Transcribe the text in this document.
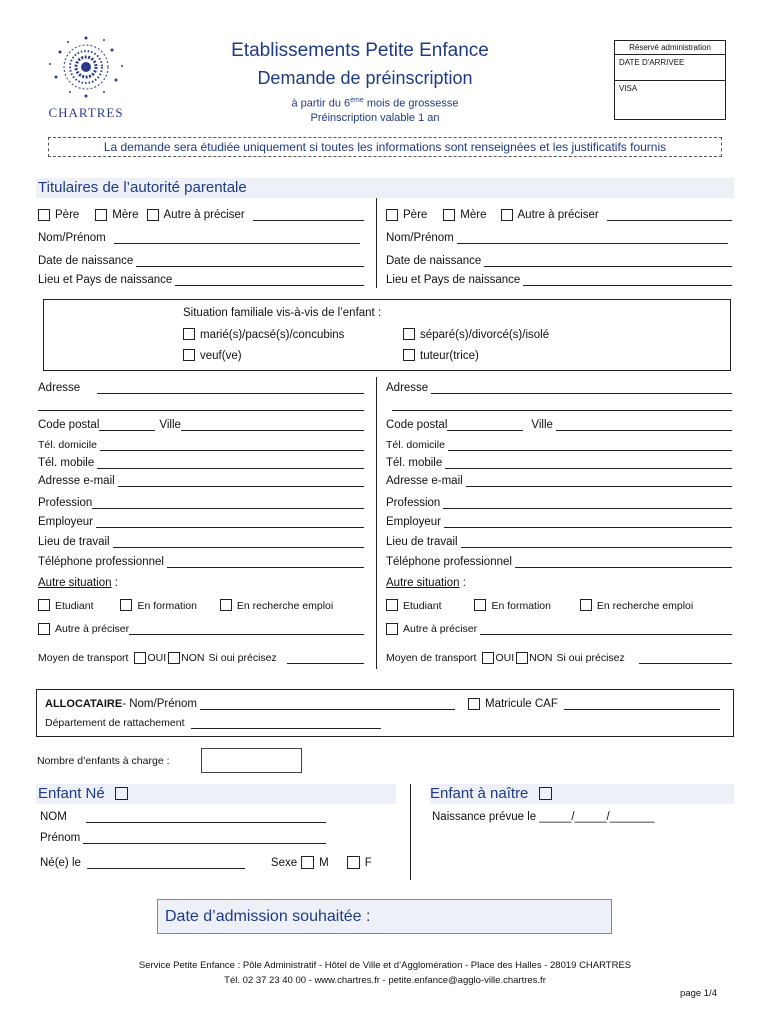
CHARTRES
Etablissements Petite Enfance
Demande de préinscription
à partir du 6ème mois de grossesse
Préinscription valable 1 an
Réservé administration
DATE D'ARRIVEE
VISA
La demande sera étudiée uniquement si toutes les informations sont renseignées et les justificatifs fournis
Titulaires de l’autorité parentale
Père	Mère Autre à préciser
Nom/Prénom
Date de naissance
Lieu et Pays de naissance
Père	Mère	Autre à préciser
Nom/Prénom
Date de naissance
Lieu et Pays de naissance
Situation familiale vis-à-vis de l’enfant :
marié(s)/pacsé(s)/concubins	séparé(s)/divorcé(s)/isolé
veuf(ve)	tuteur(trice)
Adresse
Code postal	Ville
Tél. domicile
Tél. mobile
Adresse e-mail
Profession
Employeur
Lieu de travail
Téléphone professionnel
Autre situation :
Etudiant	En formation	En recherche emploi
Autre à préciser
Moyen de transport OUI NON Si oui précisez
Adresse
Code postal	Ville
Tél. domicile
Tél. mobile
Adresse e-mail
Profession
Employeur
Lieu de travail
Téléphone professionnel
Autre situation :
Etudiant	En formation	En recherche emploi
Autre à préciser
Moyen de transport OUI NON Si oui précisez
ALLOCATAIRE - Nom/Prénom	Matricule CAF
Département de rattachement
Nombre d’enfants à charge :
Enfant Né	Enfant à naître
NOM
Prénom
Né(e) le	Sexe M	F
Naissance prévue le _____/_____/_______
Date d’admission souhaitée :
Service Petite Enfance : Pôle Administratif - Hôtel de Ville et d’Agglomération - Place des Halles - 28019 CHARTRES
Tél. 02 37 23 40 00 - www.chartres.fr - petite.enfance@agglo-ville.chartres.fr
page 1/4
